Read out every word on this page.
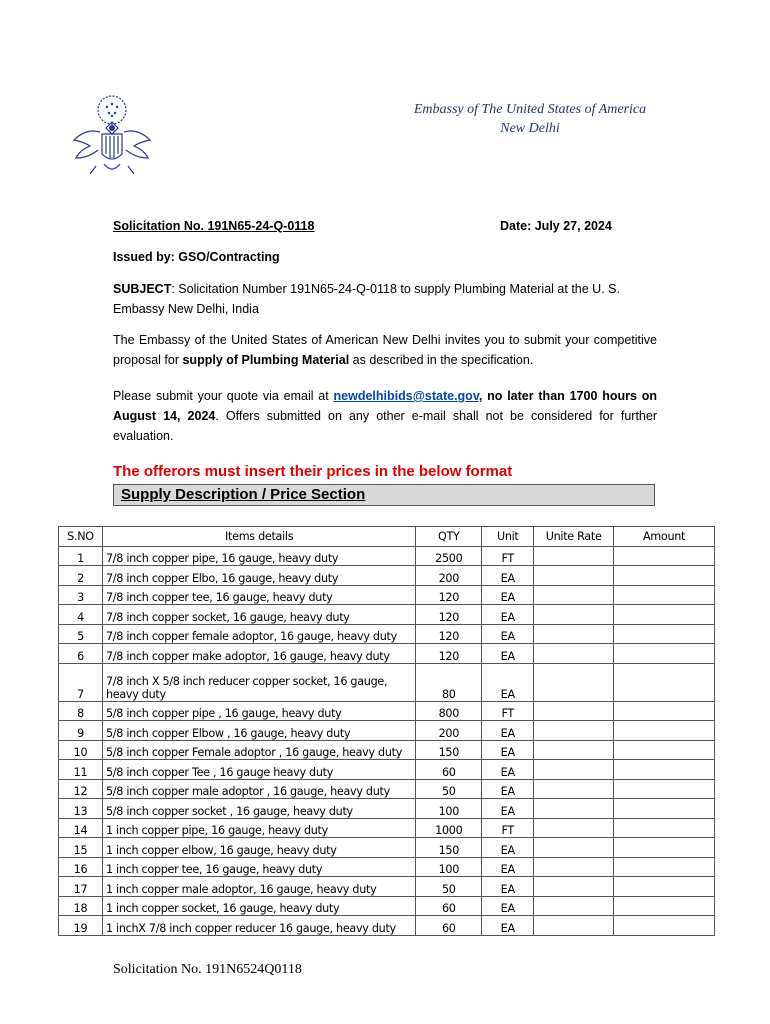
Embassy of The United States of America
New Delhi
Solicitation No. 191N65-24-Q-0118	Date: July 27, 2024
Issued by: GSO/Contracting
SUBJECT: Solicitation Number 191N65-24-Q-0118 to supply Plumbing Material at the U. S. Embassy New Delhi, India
The Embassy of the United States of American New Delhi invites you to submit your competitive proposal for supply of Plumbing Material as described in the specification.
Please submit your quote via email at newdelhibids@state.gov, no later than 1700 hours on August 14, 2024. Offers submitted on any other e-mail shall not be considered for further evaluation.
The offerors must insert their prices in the below format
Supply Description / Price Section
S.NO	Items details	QTY	Unit	Unite Rate	Amount
1	7/8 inch copper pipe, 16 gauge, heavy duty	2500	FT		
2	7/8 inch copper Elbo, 16 gauge, heavy duty	200	EA		
3	7/8 inch copper tee, 16 gauge, heavy duty	120	EA		
4	7/8 inch copper socket, 16 gauge, heavy duty	120	EA		
5	7/8 inch copper female adoptor, 16 gauge, heavy duty	120	EA		
6	7/8 inch copper make adoptor, 16 gauge, heavy duty	120	EA		
7	7/8 inch X 5/8 inch reducer copper socket, 16 gauge, heavy duty	80	EA		
8	5/8 inch copper pipe , 16 gauge, heavy duty	800	FT		
9	5/8 inch copper Elbow , 16 gauge, heavy duty	200	EA		
10	5/8 inch copper Female adoptor , 16 gauge, heavy duty	150	EA		
11	5/8 inch copper Tee , 16 gauge heavy duty	60	EA		
12	5/8 inch copper male adoptor , 16 gauge, heavy duty	50	EA		
13	5/8 inch copper socket , 16 gauge, heavy duty	100	EA		
14	1 inch copper pipe, 16 gauge, heavy duty	1000	FT		
15	1 inch copper elbow, 16 gauge, heavy duty	150	EA		
16	1 inch copper tee, 16 gauge, heavy duty	100	EA		
17	1 inch copper male adoptor, 16 gauge, heavy duty	50	EA		
18	1 inch copper socket, 16 gauge, heavy duty	60	EA		
19	1 inchX 7/8 inch copper reducer 16 gauge, heavy duty	60	EA		
Solicitation No. 191N6524Q0118
